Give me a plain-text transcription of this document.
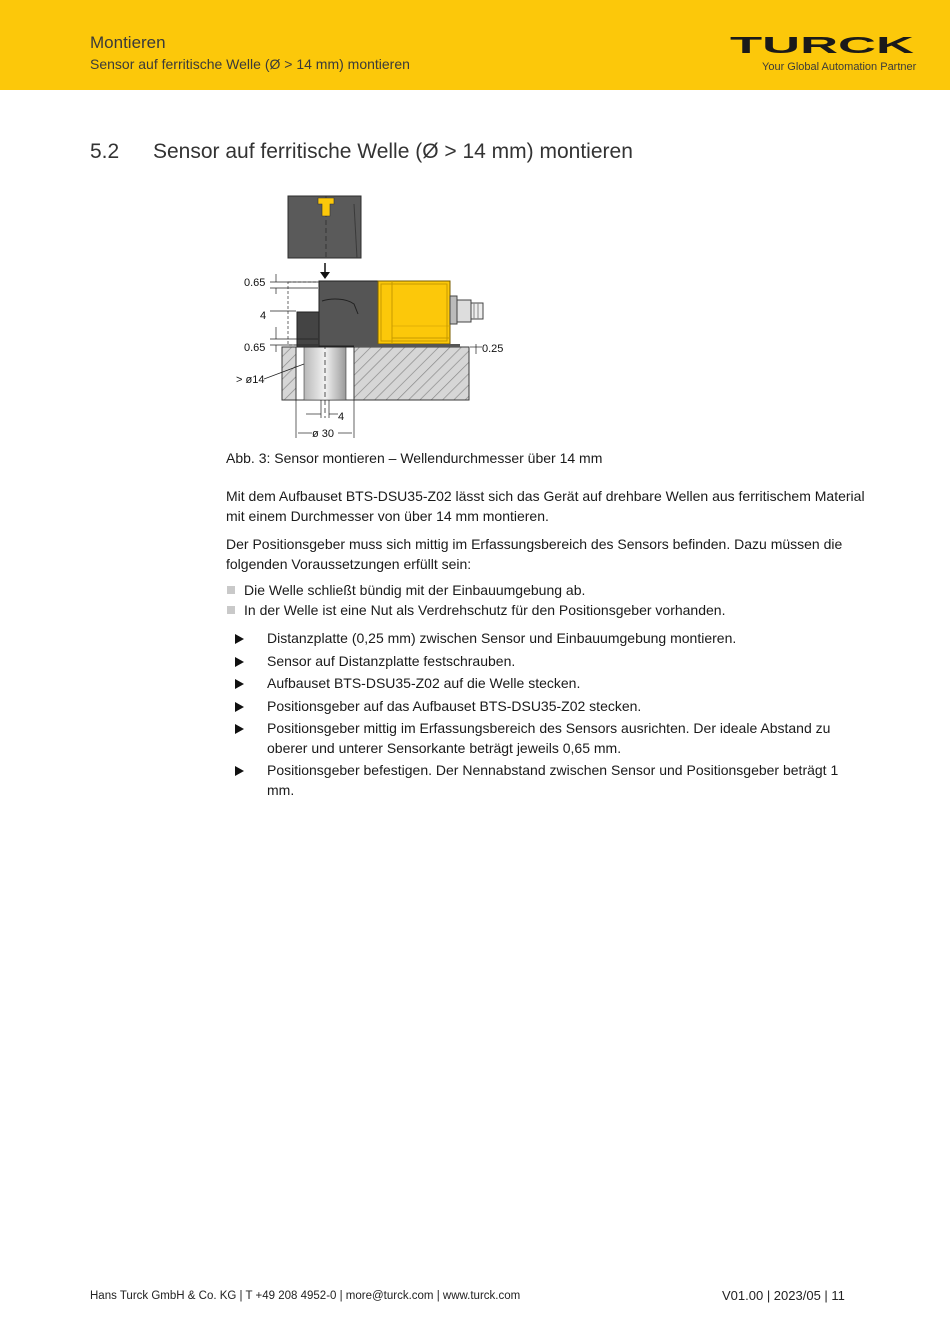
Montieren
Sensor auf ferritische Welle (Ø > 14 mm) montieren
TURCK
Your Global Automation Partner
5.2 Sensor auf ferritische Welle (Ø > 14 mm) montieren
0.65
4
0.65
> ø14
0.25
4
ø 30
Abb. 3: Sensor montieren – Wellendurchmesser über 14 mm

Mit dem Aufbauset BTS-DSU35-Z02 lässt sich das Gerät auf drehbare Wellen aus ferritischem Material mit einem Durchmesser von über 14 mm montieren.

Der Positionsgeber muss sich mittig im Erfassungsbereich des Sensors befinden. Dazu müssen die folgenden Voraussetzungen erfüllt sein:

Die Welle schließt bündig mit der Einbauumgebung ab.
In der Welle ist eine Nut als Verdrehschutz für den Positionsgeber vorhanden.
Distanzplatte (0,25 mm) zwischen Sensor und Einbauumgebung montieren.
Sensor auf Distanzplatte festschrauben.
Aufbauset BTS-DSU35-Z02 auf die Welle stecken.
Positionsgeber auf das Aufbauset BTS-DSU35-Z02 stecken.
Positionsgeber mittig im Erfassungsbereich des Sensors ausrichten. Der ideale Abstand zu oberer und unterer Sensorkante beträgt jeweils 0,65 mm.
Positionsgeber befestigen. Der Nennabstand zwischen Sensor und Positionsgeber beträgt 1 mm.
Hans Turck GmbH & Co. KG | T +49 208 4952-0 | more@turck.com | www.turck.com	V01.00 | 2023/05 | 11
